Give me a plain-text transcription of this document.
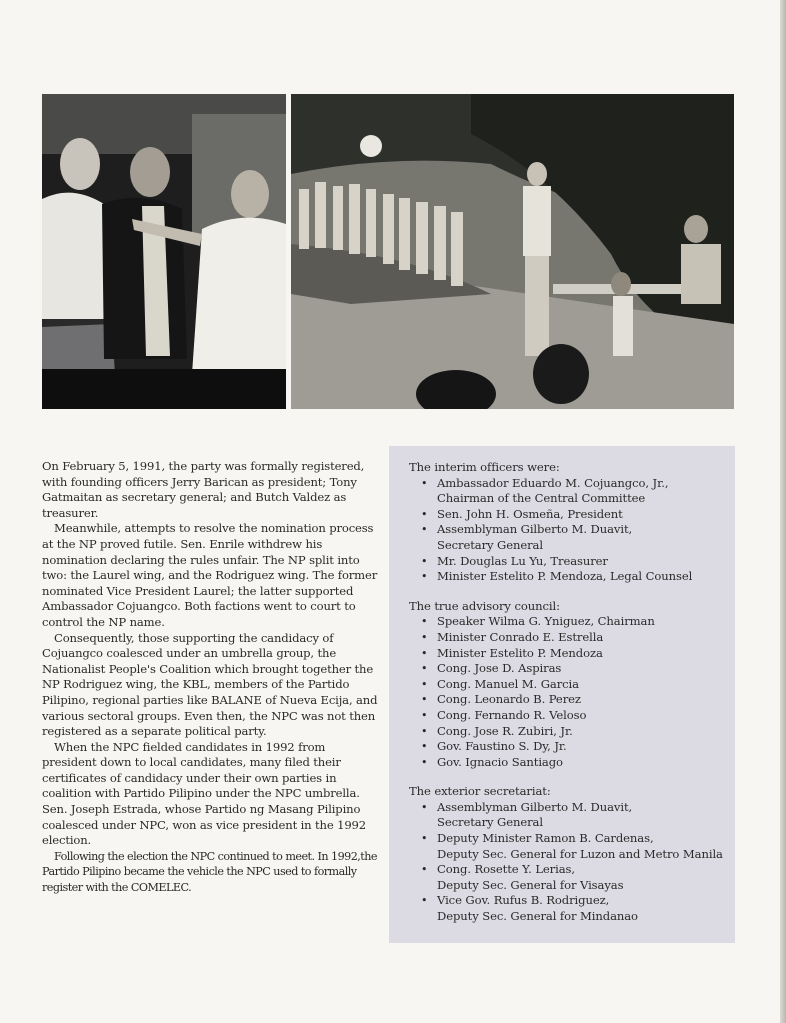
On February 5, 1991, the party was formally registered, with founding officers Jerry Barican as president; Tony Gatmaitan as secretary general; and Butch Valdez as treasurer.

Meanwhile, attempts to resolve the nomination process at the NP proved futile. Sen. Enrile withdrew his nomination declaring the rules unfair. The NP split into two: the Laurel wing, and the Rodriguez wing. The former nominated Vice President Laurel; the latter supported Ambassador Cojuangco. Both factions went to court to control the NP name.

Consequently, those supporting the candidacy of Cojuangco coalesced under an umbrella group, the Nationalist People's Coalition which brought together the NP Rodriguez wing, the KBL, members of the Partido Pilipino, regional parties like BALANE of Nueva Ecija, and various sectoral groups. Even then, the NPC was not then registered as a separate political party.

When the NPC fielded candidates in 1992 from president down to local candidates, many filed their certificates of candidacy under their own parties in coalition with Partido Pilipino under the NPC umbrella. Sen. Joseph Estrada, whose Partido ng Masang Pilipino coalesced under NPC, won as vice president in the 1992 election.

Following the election the NPC continued to meet. In 1992,the Partido Pilipino became the vehicle the NPC used to formally register with the COMELEC.

The interim officers were:

• Ambassador Eduardo M. Cojuangco, Jr.,
Chairman of the Central Committee
• Sen. John H. Osmeña, President
• Assemblyman Gilberto M. Duavit,
Secretary General
• Mr. Douglas Lu Yu, Treasurer
• Minister Estelito P. Mendoza, Legal Counsel

The true advisory council:

• Speaker Wilma G. Yniguez, Chairman
• Minister Conrado E. Estrella
• Minister Estelito P. Mendoza
• Cong. Jose D. Aspiras
• Cong. Manuel M. Garcia
• Cong. Leonardo B. Perez
• Cong. Fernando R. Veloso
• Cong. Jose R. Zubiri, Jr.
• Gov. Faustino S. Dy, Jr.
• Gov. Ignacio Santiago

The exterior secretariat:

• Assemblyman Gilberto M. Duavit,
Secretary General
• Deputy Minister Ramon B. Cardenas,
Deputy Sec. General for Luzon and Metro Manila
• Cong. Rosette Y. Lerias,
Deputy Sec. General for Visayas
• Vice Gov. Rufus B. Rodriguez,
Deputy Sec. General for Mindanao
